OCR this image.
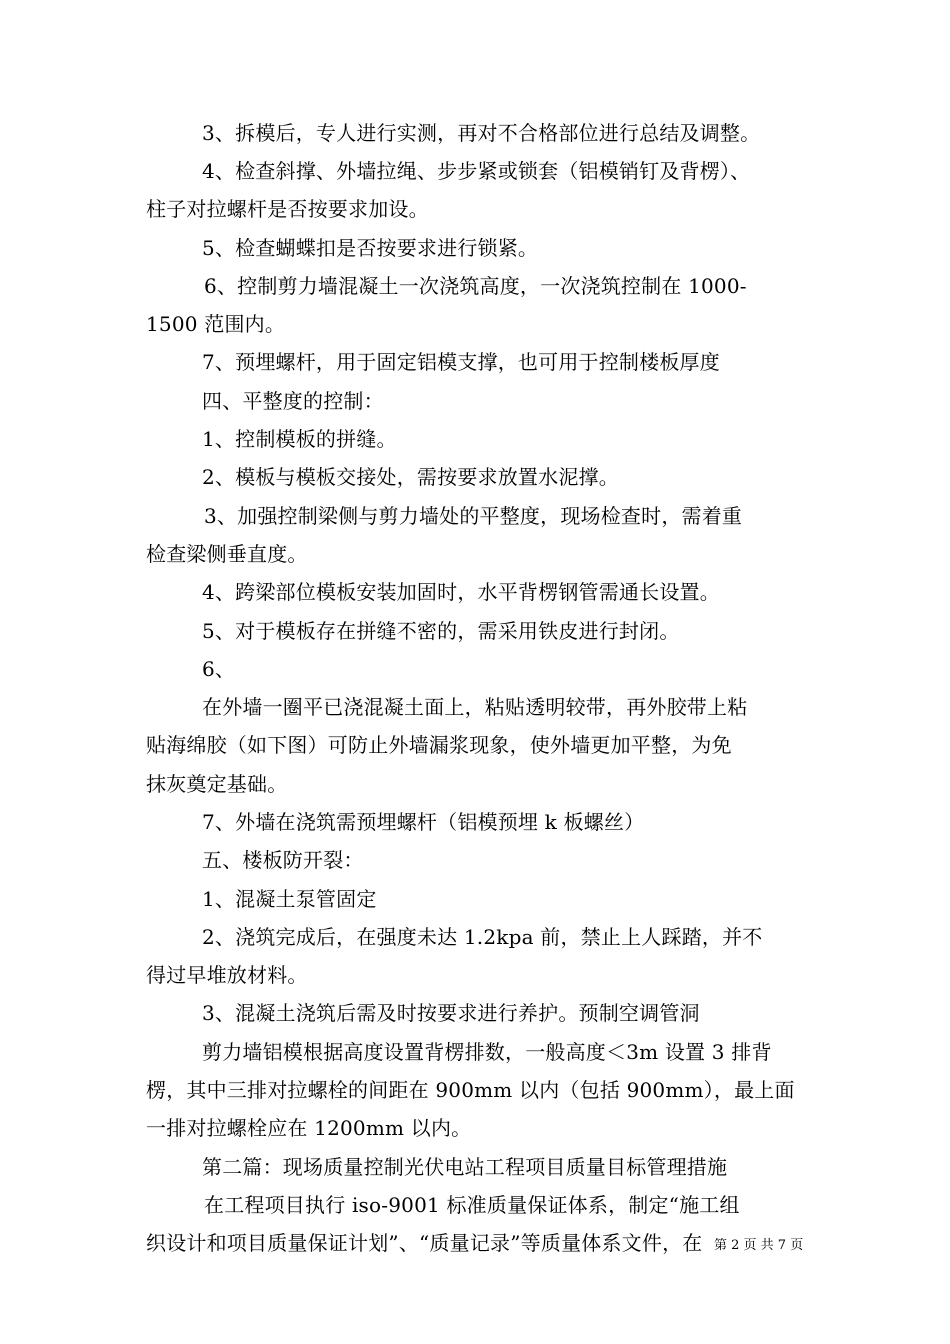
3、拆模后，专人进行实测，再对不合格部位进行总结及调整。
4、检查斜撑、外墙拉绳、步步紧或锁套（铝模销钉及背楞）、
柱子对拉螺杆是否按要求加设。
5、检查蝴蝶扣是否按要求进行锁紧。
6、控制剪力墙混凝土一次浇筑高度，一次浇筑控制在 1000-
1500 范围内。
7、预埋螺杆，用于固定铝模支撑，也可用于控制楼板厚度
四、平整度的控制：
1、控制模板的拼缝。
2、模板与模板交接处，需按要求放置水泥撑。
3、加强控制梁侧与剪力墙处的平整度，现场检查时，需着重
检查梁侧垂直度。
4、跨梁部位模板安装加固时，水平背楞钢管需通长设置。
5、对于模板存在拼缝不密的，需采用铁皮进行封闭。
6、
在外墙一圈平已浇混凝土面上，粘贴透明较带，再外胶带上粘
贴海绵胶（如下图）可防止外墙漏浆现象，使外墙更加平整，为免
抹灰奠定基础。
7、外墙在浇筑需预埋螺杆（铝模预埋 k 板螺丝）
五、楼板防开裂：
1、混凝土泵管固定
2、浇筑完成后，在强度未达 1.2kpa 前，禁止上人踩踏，并不
得过早堆放材料。
3、混凝土浇筑后需及时按要求进行养护。预制空调管洞
剪力墙铝模根据高度设置背楞排数，一般高度＜3m 设置 3 排背
楞，其中三排对拉螺栓的间距在 900mm 以内（包括 900mm），最上面
一排对拉螺栓应在 1200mm 以内。
第二篇：现场质量控制光伏电站工程项目质量目标管理措施
在工程项目执行 iso-9001 标准质量保证体系，制定“施工组
织设计和项目质量保证计划”、“质量记录”等质量体系文件，在 第 2 页 共 7 页
